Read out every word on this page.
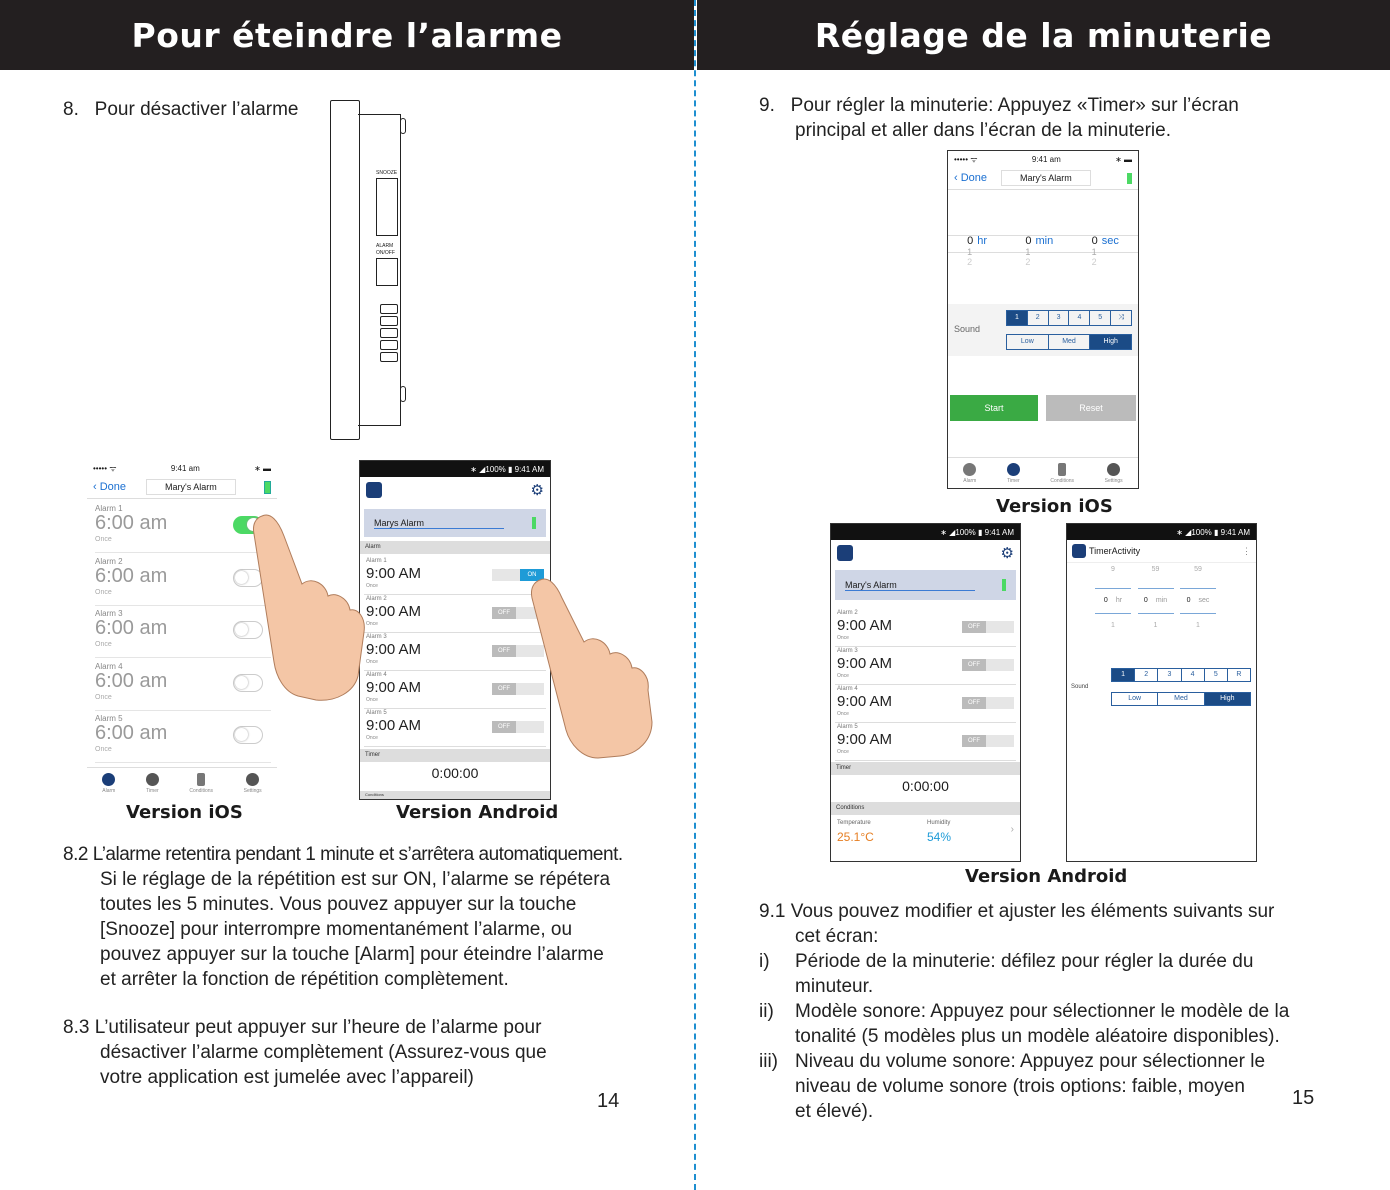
Pour éteindre l’alarme	Réglage de la minuterie
8.   Pour désactiver l’alarme
SNOOZE
ALARM
ON/OFF
••••• ᯤ	9:41 am	∗ ▬
‹ Done	Mary's Alarm
Alarm 1
6:00 am
Once
Alarm 2
6:00 am
Once
Alarm 3
6:00 am
Once
Alarm 4
6:00 am
Once
Alarm 5
6:00 am
Once
Alarm	Timer	Conditions	Settings
∗ ◢100% ▮ 9:41 AM
⚙
Marys Alarm
Alarm
Alarm 1
9:00 AM
Once
ON
Alarm 2
9:00 AM
Once
OFF
Alarm 3
9:00 AM
Once
OFF
Alarm 4
9:00 AM
Once
OFF
Alarm 5
9:00 AM
Once
OFF
Timer
0:00:00
Conditions
Version iOS	Version Android
8.2 L’alarme retentira pendant 1 minute et s’arrêtera automatiquement.
Si le réglage de la répétition est sur ON, l’alarme se répétera
toutes les 5 minutes. Vous pouvez appuyer sur la touche
[Snooze] pour interrompre momentanément l’alarme, ou
pouvez appuyer sur la touche [Alarm] pour éteindre l’alarme
et arrêter la fonction de répétition complètement.
8.3 L’utilisateur peut appuyer sur l’heure de l’alarme pour
désactiver l’alarme complètement (Assurez-vous que
votre application est jumelée avec l’appareil)
14
9.   Pour régler la minuterie: Appuyez «Timer» sur l’écran
principal et aller dans l’écran de la minuterie.
••••• ᯤ	9:41 am	∗ ▬
‹ Done	Mary's Alarm
0 hr
1
2
0 min
1
2
0 sec
1
2
Sound
1	2	3	4	5	⤨
Low	Med	High
Start	Reset
Alarm	Timer	Conditions	Settings
Version iOS
∗ ◢100% ▮ 9:41 AM
⚙
Mary's Alarm
Alarm 2
9:00 AM
Once
OFF
Alarm 3
9:00 AM
Once
OFF
Alarm 4
9:00 AM
Once
OFF
Alarm 5
9:00 AM
Once
OFF
Timer
0:00:00
Conditions
Temperature
25.1°C
Humidity
54%
›
∗ ◢100% ▮ 9:41 AM
TimerActivity	⋮
9
0 hr
1
59
0 min
1
59
0 sec
1
Sound
1	2	3	4	5	R
Low	Med	High
Version Android
9.1 Vous pouvez modifier et ajuster les éléments suivants sur
cet écran:
i)	Période de la minuterie: défilez pour régler la durée du
minuteur.
ii)	Modèle sonore: Appuyez pour sélectionner le modèle de la
tonalité (5 modèles plus un modèle aléatoire disponibles).
iii) Niveau du volume sonore: Appuyez pour sélectionner le
niveau de volume sonore (trois options: faible, moyen
et élevé).
15
